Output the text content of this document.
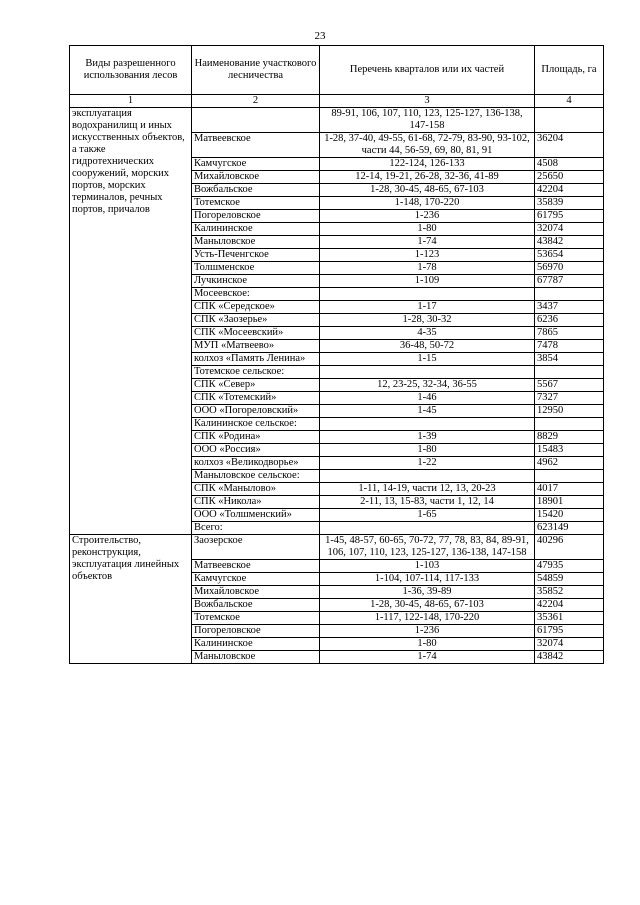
23
Виды разрешенного использования лесов	Наименование участкового лесничества	Перечень кварталов или их частей	Площадь, га
1	2	3	4
эксплуатация водохранилищ и иных искусственных объектов, а также гидротехнических сооружений, морских портов, морских терминалов, речных портов, причалов		89-91, 106, 107, 110, 123, 125-127, 136-138, 147-158	
	Матвеевское	1-28, 37-40, 49-55, 61-68, 72-79, 83-90, 93-102, части 44, 56-59, 69, 80, 81, 91	36204
	Камчугское	122-124, 126-133	4508
	Михайловское	12-14, 19-21, 26-28, 32-36, 41-89	25650
	Вожбальское	1-28, 30-45, 48-65, 67-103	42204
	Тотемское	1-148, 170-220	35839
	Погореловское	1-236	61795
	Калининское	1-80	32074
	Маныловское	1-74	43842
	Усть-Печенгское	1-123	53654
	Толшменское	1-78	56970
	Лучкинское	1-109	67787
	Мосеевское:		
	СПК «Середское»	1-17	3437
	СПК «Заозерье»	1-28, 30-32	6236
	СПК «Мосеевский»	4-35	7865
	МУП «Матвеево»	36-48, 50-72	7478
	колхоз «Память Ленина»	1-15	3854
	Тотемское сельское:		
	СПК «Север»	12, 23-25, 32-34, 36-55	5567
	СПК «Тотемский»	1-46	7327
	ООО «Погореловский»	1-45	12950
	Калининское сельское:		
	СПК «Родина»	1-39	8829
	ООО «Россия»	1-80	15483
	колхоз «Великодворье»	1-22	4962
	Маныловское сельское:		
	СПК «Манылово»	1-11, 14-19, части 12, 13, 20-23	4017
	СПК «Никола»	2-11, 13, 15-83, части 1, 12, 14	18901
	ООО «Толшменский»	1-65	15420
	Всего:		623149
Строительство, реконструкция, эксплуатация линейных объектов	Заозерское	1-45, 48-57, 60-65, 70-72, 77, 78, 83, 84, 89-91, 106, 107, 110, 123, 125-127, 136-138, 147-158	40296
	Матвеевское	1-103	47935
	Камчугское	1-104, 107-114, 117-133	54859
	Михайловское	1-36, 39-89	35852
	Вожбальское	1-28, 30-45, 48-65, 67-103	42204
	Тотемское	1-117, 122-148, 170-220	35361
	Погореловское	1-236	61795
	Калининское	1-80	32074
	Маныловское	1-74	43842
